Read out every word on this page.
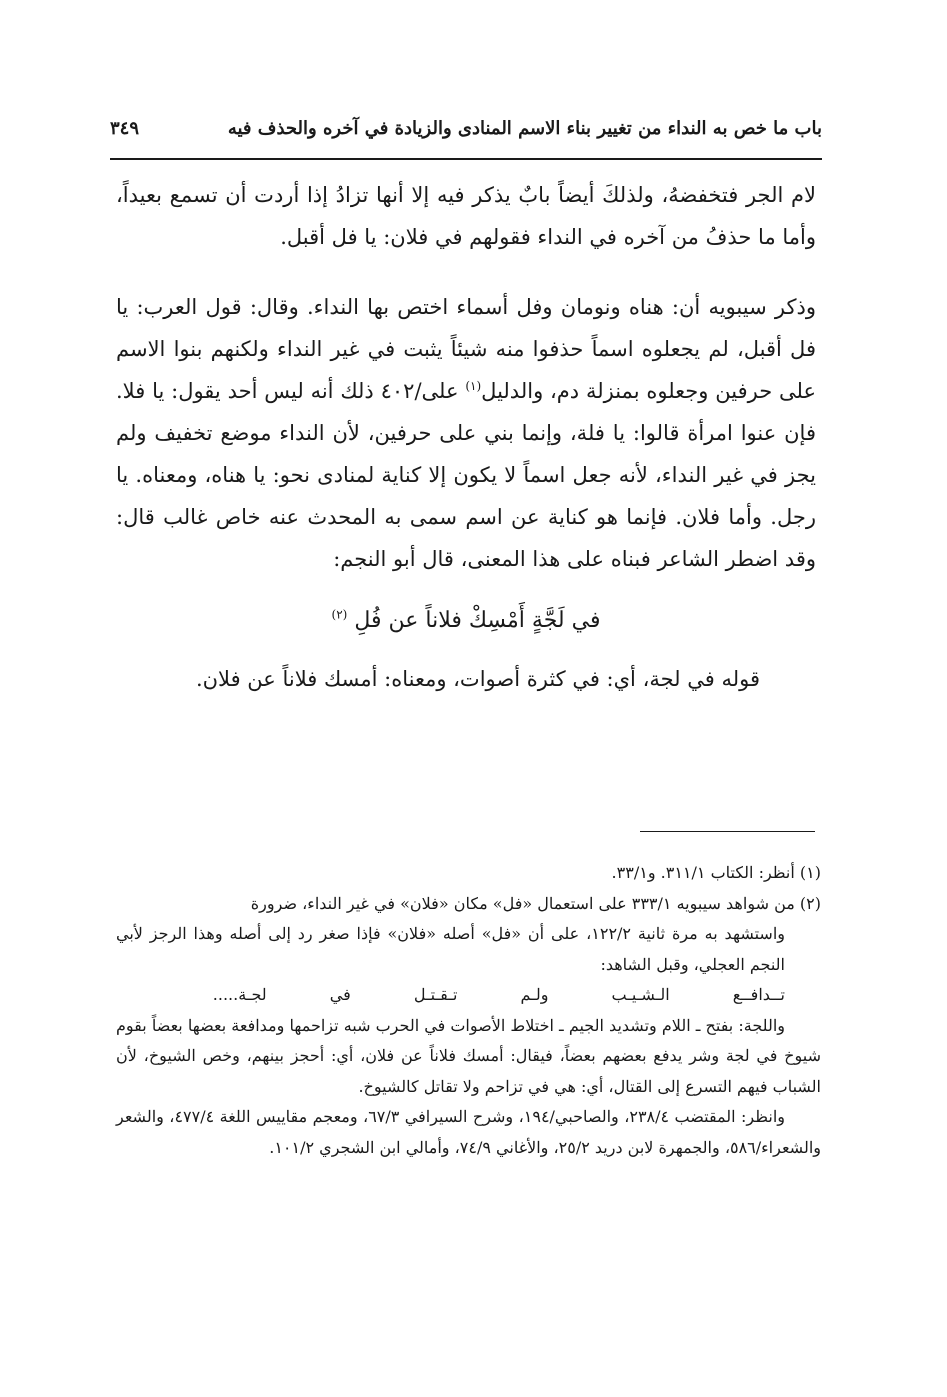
باب ما خص به النداء من تغيير بناء الاسم المنادى والزيادة في آخره والحذف فيه
٣٤٩

لام الجر فتخفضهُ، ولذلكَ أيضاً بابٌ يذكر فيه إلا أنها تزادُ إذا أردت أن تسمع بعيداً، وأما ما حذفُ من آخره في النداء فقولهم في فلان: يا فل أقبل.

وذكر سيبويه أن: هناه ونومان وفل أسماء اختص بها النداء. وقال: قول العرب: يا فل أقبل، لم يجعلوه اسماً حذفوا منه شيئاً يثبت في غير النداء ولكنهم بنوا الاسم على حرفين وجعلوه بمنزلة دم، والدليل$^{(١)}$ على/٤٠٢ ذلك أنه ليس أحد يقول: يا فلا. فإن عنوا امرأة قالوا: يا فلة، وإنما بني على حرفين، لأن النداء موضع تخفيف ولم يجز في غير النداء، لأنه جعل اسماً لا يكون إلا كناية لمنادى نحو: يا هناه، ومعناه. يا رجل. وأما فلان. فإنما هو كناية عن اسم سمى به المحدث عنه خاص غالب قال: وقد اضطر الشاعر فبناه على هذا المعنى، قال أبو النجم:

في لَجَّةٍ أَمْسِكْ فلاناً عن فُلِ $^{(٢)}$

قوله في لجة، أي: في كثرة أصوات، ومعناه: أمسك فلاناً عن فلان.

(١) أنظر: الكتاب ٣١١/١. و٣٣/١.

(٢) من شواهد سيبويه ٣٣٣/١ على استعمال «فل» مكان «فلان» في غير النداء، ضرورة

واستشهد به مرة ثانية ١٢٢/٢، على أن «فل» أصله «فلان» فإذا صغر رد إلى أصله وهذا الرجز لأبي النجم العجلي، وقبل الشاهد:

تــدافــع الـشـيـب ولـم تـقـتـل في لجـة.....

واللجة: بفتح ـ اللام وتشديد الجيم ـ اختلاط الأصوات في الحرب شبه تزاحمها ومدافعة بعضها بعضاً بقوم شيوخ في لجة وشر يدفع بعضهم بعضاً، فيقال: أمسك فلاناً عن فلان، أي: أحجز بينهم، وخص الشيوخ، لأن الشباب فيهم التسرع إلى القتال، أي: هي في تزاحم ولا تقاتل كالشيوخ.

وانظر: المقتضب ٢٣٨/٤، والصاحبي/١٩٤، وشرح السيرافي ٦٧/٣، ومعجم مقاييس اللغة ٤٧٧/٤، والشعر والشعراء/٥٨٦، والجمهرة لابن دريد ٢٥/٢، والأغاني ٧٤/٩، وأمالي ابن الشجري ١٠١/٢.
